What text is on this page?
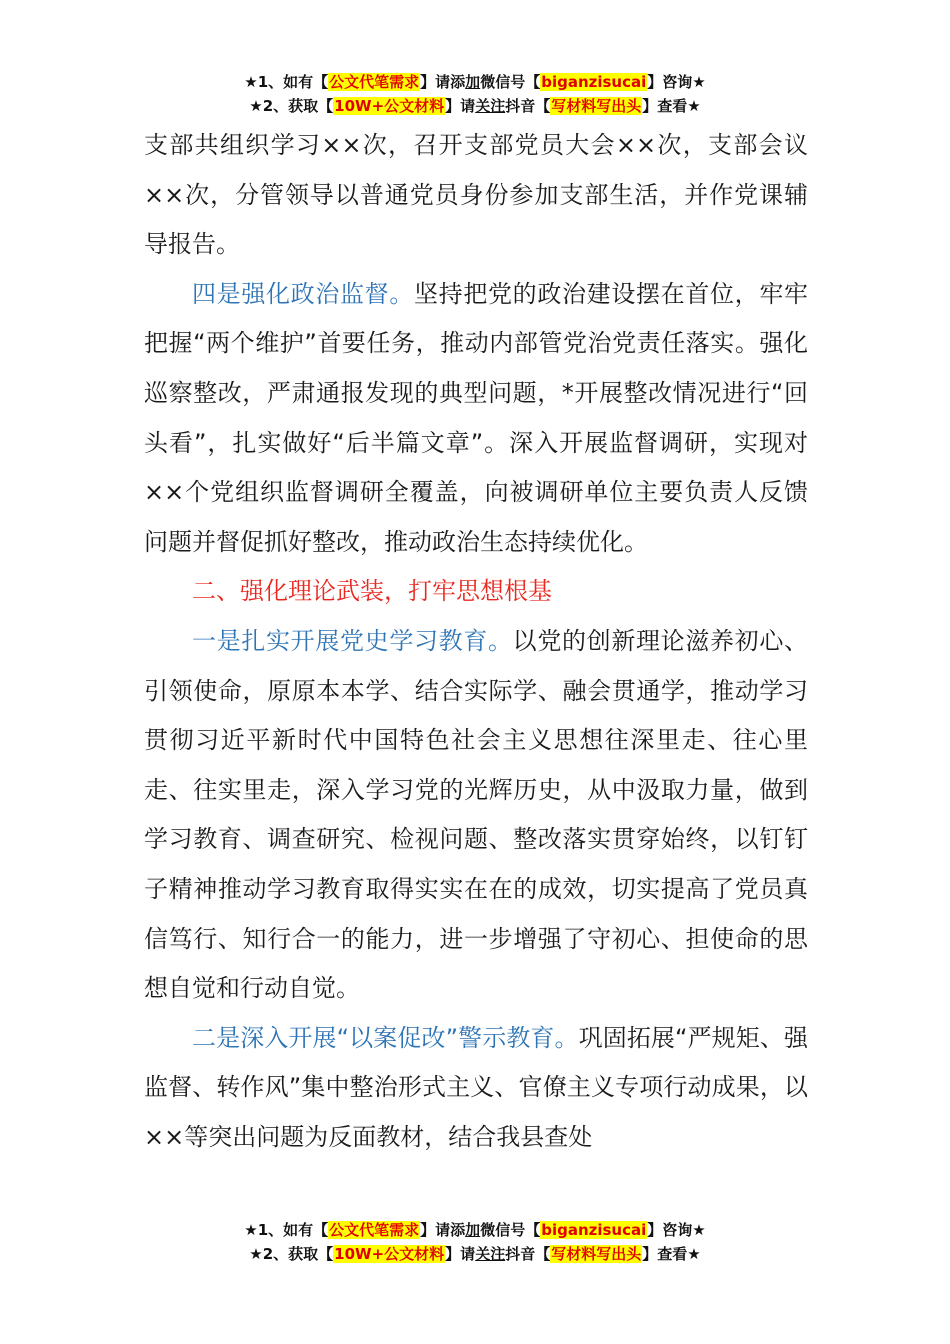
★1、如有【公文代笔需求】请添加微信号【biganzisucai】咨询★
★2、获取【10W+公文材料】请关注抖音【写材料写出头】查看★

支部共组织学习××次，召开支部党员大会××次，支部会议××次，分管领导以普通党员身份参加支部生活，并作党课辅导报告。

四是强化政治监督。坚持把党的政治建设摆在首位，牢牢把握“两个维护”首要任务，推动内部管党治党责任落实。强化巡察整改，严肃通报发现的典型问题，*开展整改情况进行“回头看”，扎实做好“后半篇文章”。深入开展监督调研，实现对××个党组织监督调研全覆盖，向被调研单位主要负责人反馈问题并督促抓好整改，推动政治生态持续优化。

二、强化理论武装，打牢思想根基

一是扎实开展党史学习教育。以党的创新理论滋养初心、引领使命，原原本本学、结合实际学、融会贯通学，推动学习贯彻习近平新时代中国特色社会主义思想往深里走、往心里走、往实里走，深入学习党的光辉历史，从中汲取力量，做到学习教育、调查研究、检视问题、整改落实贯穿始终，以钉钉子精神推动学习教育取得实实在在的成效，切实提高了党员真信笃行、知行合一的能力，进一步增强了守初心、担使命的思想自觉和行动自觉。

二是深入开展“以案促改”警示教育。巩固拓展“严规矩、强监督、转作风”集中整治形式主义、官僚主义专项行动成果，以××等突出问题为反面教材，结合我县查处

★1、如有【公文代笔需求】请添加微信号【biganzisucai】咨询★
★2、获取【10W+公文材料】请关注抖音【写材料写出头】查看★
